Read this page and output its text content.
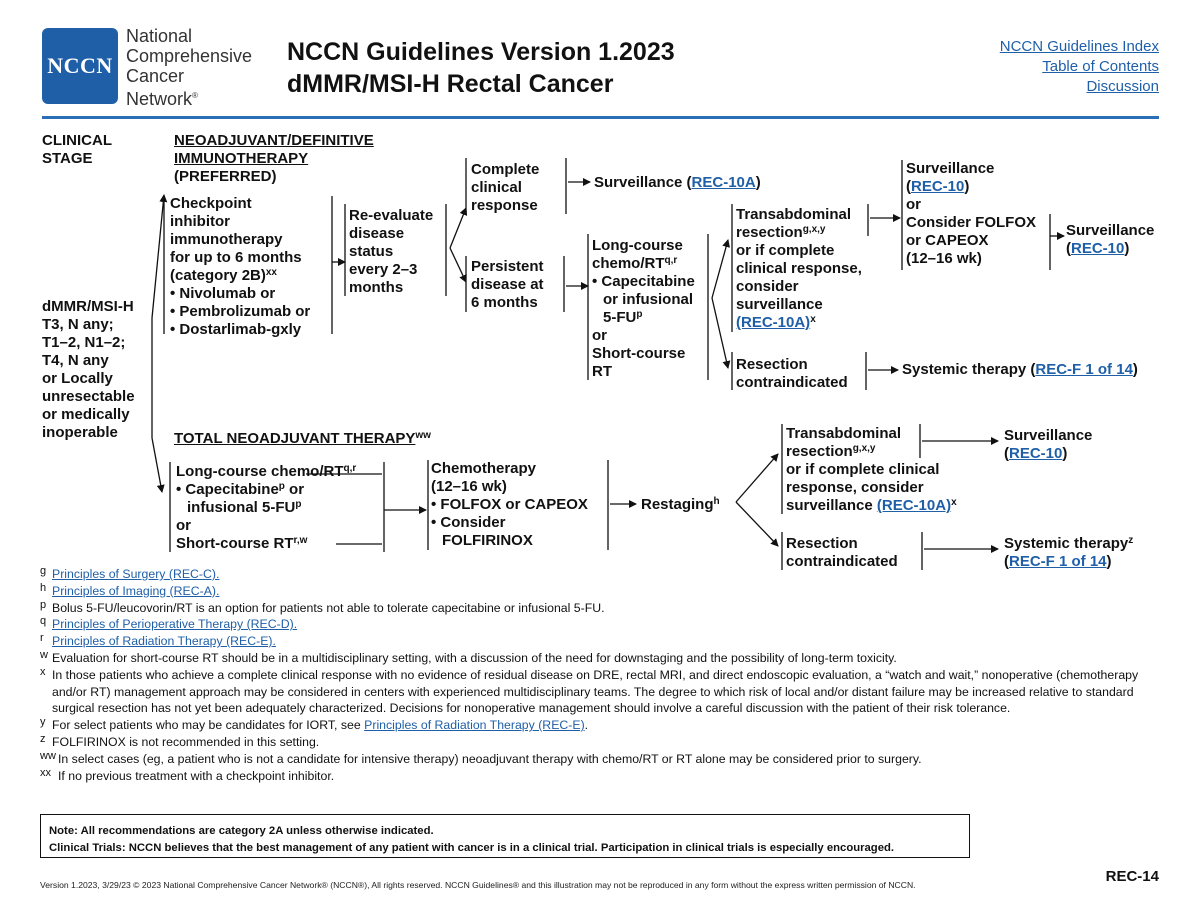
NCCN
National
Comprehensive
Cancer
Network®
NCCN Guidelines Version 1.2023
dMMR/MSI-H Rectal Cancer
NCCN Guidelines Index
Table of Contents
Discussion
CLINICAL
STAGE
NEOADJUVANT/DEFINITIVE
IMMUNOTHERAPY
(PREFERRED)
dMMR/MSI-H
T3, N any;
T1–2, N1–2;
T4, N any
or Locally
unresectable
or medically
inoperable
Checkpoint
inhibitor
immunotherapy
for up to 6 months
(category 2B)$^{xx}$
• Nivolumab or
• Pembrolizumab or
• Dostarlimab-gxly
Re-evaluate
disease
status
every 2–3
months
Complete
clinical
response
Surveillance (REC-10A)
Persistent
disease at
6 months
Long-course
chemo/RT$^{q,r}$
• Capecitabine
or infusional
$5-FU^p$
or
Short-course
RT
Transabdominal
resection$^{g,x,y}$
or if complete
clinical response,
consider
surveillance
$(REC-10A)^x$
Surveillance
(REC-10)
or
Consider FOLFOX
or CAPEOX
(12–16 wk)
Surveillance
(REC-10)
Resection
contraindicated
Systemic therapy (REC-F 1 of 14)
TOTAL NEOADJUVANT $THERAPY^{ww}$
Long-course chemo/RT$^{q,r}$
• Capecitabine$^p$ or
infusional $5-FU^p$
or
Short-course RT$^{r,w}$
Chemotherapy
(12–16 wk)
• FOLFOX or CAPEOX
• Consider
FOLFIRINOX
Restaging$^h$
Transabdominal
resection$^{g,x,y}$
or if complete clinical
response, consider
surveillance $(REC-10A)^x$
Surveillance
(REC-10)
Resection
contraindicated
Systemic therapy$^z$
(REC-F 1 of 14)
g Principles of Surgery (REC-C).
h Principles of Imaging (REC-A).
p Bolus 5-FU/leucovorin/RT is an option for patients not able to tolerate capecitabine or infusional 5-FU.
q Principles of Perioperative Therapy (REC-D).
r Principles of Radiation Therapy (REC-E).
w Evaluation for short-course RT should be in a multidisciplinary setting, with a discussion of the need for downstaging and the possibility of long-term toxicity.
x In those patients who achieve a complete clinical response with no evidence of residual disease on DRE, rectal MRI, and direct endoscopic evaluation, a “watch and wait,” nonoperative (chemotherapy and/or RT) management approach may be considered in centers with experienced multidisciplinary teams. The degree to which risk of local and/or distant failure may be increased relative to standard surgical resection has not yet been adequately characterized. Decisions for nonoperative management should involve a careful discussion with the patient of their risk tolerance.
y For select patients who may be candidates for IORT, see Principles of Radiation Therapy (REC-E).
z FOLFIRINOX is not recommended in this setting.
ww In select cases (eg, a patient who is not a candidate for intensive therapy) neoadjuvant therapy with chemo/RT or RT alone may be considered prior to surgery.
xx If no previous treatment with a checkpoint inhibitor.
Note: All recommendations are category 2A unless otherwise indicated.
Clinical Trials: NCCN believes that the best management of any patient with cancer is in a clinical trial. Participation in clinical trials is especially encouraged.
Version 1.2023, 3/29/23 © 2023 National Comprehensive Cancer Network® (NCCN®), All rights reserved. NCCN Guidelines® and this illustration may not be reproduced in any form without the express written permission of NCCN.	REC-14
